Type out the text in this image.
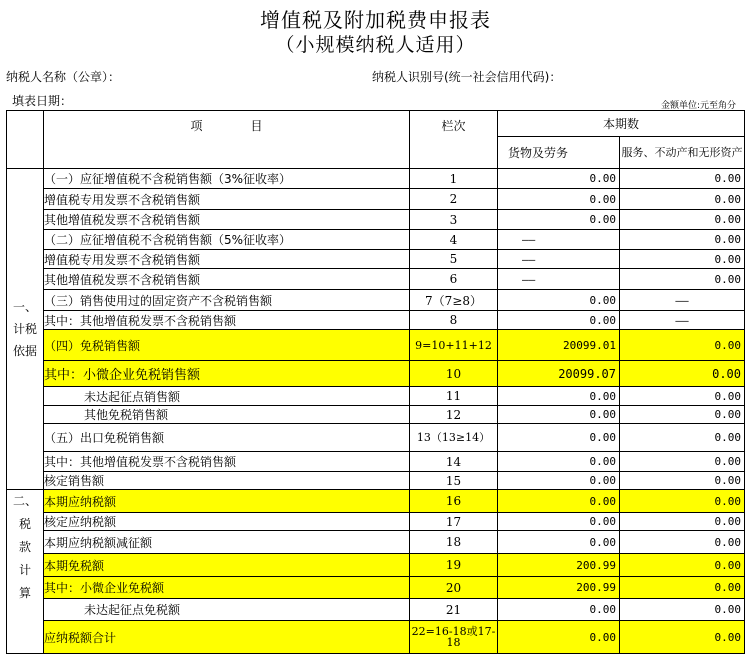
增值税及附加税费申报表
（小规模纳税人适用）
纳税人名称（公章）：	纳税人识别号(统一社会信用代码)：
填表日期：	金额单位:元至角分
	项　　　　目	栏次	本期数	
			货物及劳务	服务、不动产和无形资产
一、
计税
依据	（一）应征增值税不含税销售额（3%征收率）	1	0.00	0.00
	增值税专用发票不含税销售额	2	0.00	0.00
	其他增值税发票不含税销售额	3	0.00	0.00
	（二）应征增值税不含税销售额（5%征收率）	4	——	0.00
	增值税专用发票不含税销售额	5	——	0.00
	其他增值税发票不含税销售额	6	——	0.00
	（三）销售使用过的固定资产不含税销售额	7（7≥8）	0.00	——
	其中：其他增值税发票不含税销售额	8	0.00	——
	（四）免税销售额	9=10+11+12	20099.01	0.00
	其中：小微企业免税销售额	10	20099.07	0.00
	未达起征点销售额	11	0.00	0.00
	其他免税销售额	12	0.00	0.00
	（五）出口免税销售额	13（13≥14）	0.00	0.00
	其中：其他增值税发票不含税销售额	14	0.00	0.00
	核定销售额	15	0.00	0.00

二、
税
款
计
算	本期应纳税额	16	0.00	0.00
	核定应纳税额	17	0.00	0.00
	本期应纳税额减征额	18	0.00	0.00
	本期免税额	19	200.99	0.00
	其中：小微企业免税额	20	200.99	0.00
	未达起征点免税额	21	0.00	0.00
	应纳税额合计	22=16-18或17-18	0.00	0.00
